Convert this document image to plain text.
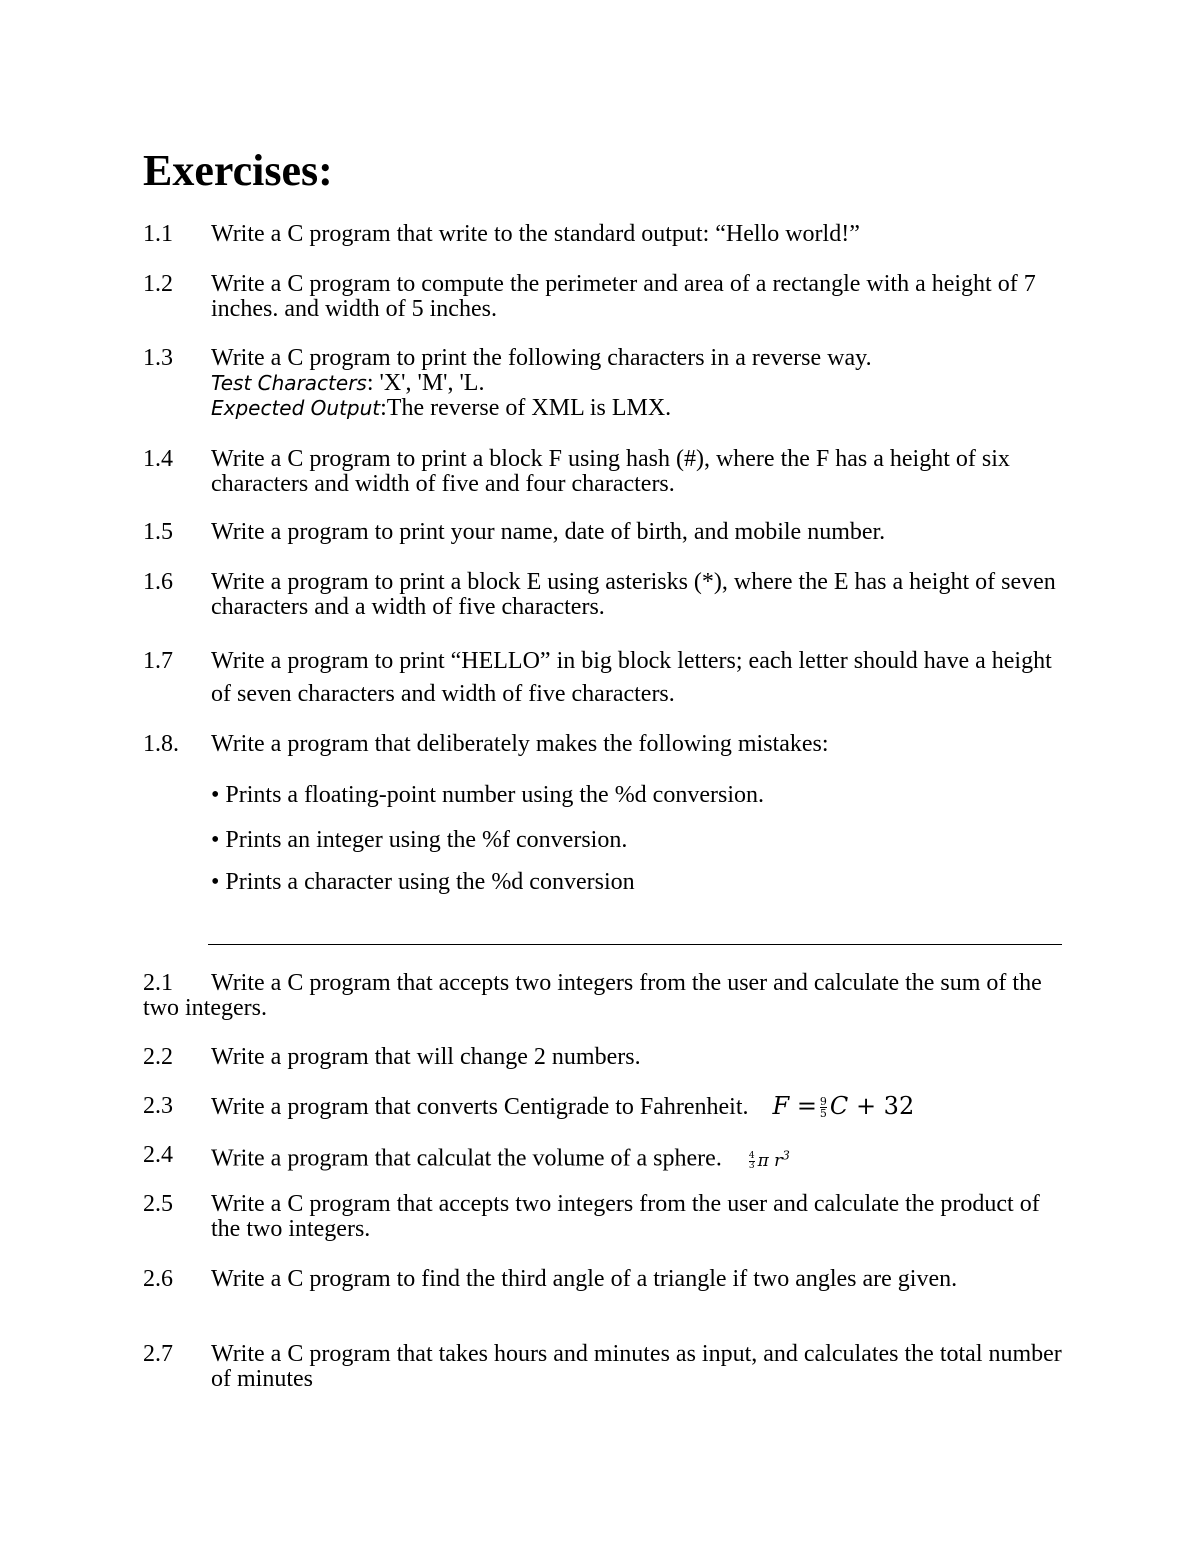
Exercises:
1.1 Write a C program that write to the standard output: “Hello world!”
1.2 Write a C program to compute the perimeter and area of a rectangle with a height of 7 inches. and width of 5 inches.
1.3 Write a C program to print the following characters in a reverse way.
Test Characters: 'X', 'M', 'L.
Expected Output:The reverse of XML is LMX.
1.4 Write a C program to print a block F using hash (#), where the F has a height of six characters and width of five and four characters.
1.5 Write a program to print your name, date of birth, and mobile number.
1.6 Write a program to print a block E using asterisks (*), where the E has a height of seven characters and a width of five characters.
1.7 Write a program to print “HELLO” in big block letters; each letter should have a height of seven characters and width of five characters.
1.8. Write a program that deliberately makes the following mistakes:
• Prints a floating-point number using the %d conversion.
• Prints an integer using the %f conversion.
• Prints a character using the %d conversion
2.1	Write a C program that accepts two integers from the user and calculate the sum of the two integers.
2.2 Write a program that will change 2 numbers.
2.3 Write a program that converts Centigrade to Fahrenheit. $F = \frac{9}{5}$ C + 32
2.4 Write a program that calculat the volume of a sphere.	$\frac{4}{3}$ π $r^3$
2.5 Write a C program that accepts two integers from the user and calculate the product of the two integers.
2.6 Write a C program to find the third angle of a triangle if two angles are given.
2.7 Write a C program that takes hours and minutes as input, and calculates the total number of minutes
